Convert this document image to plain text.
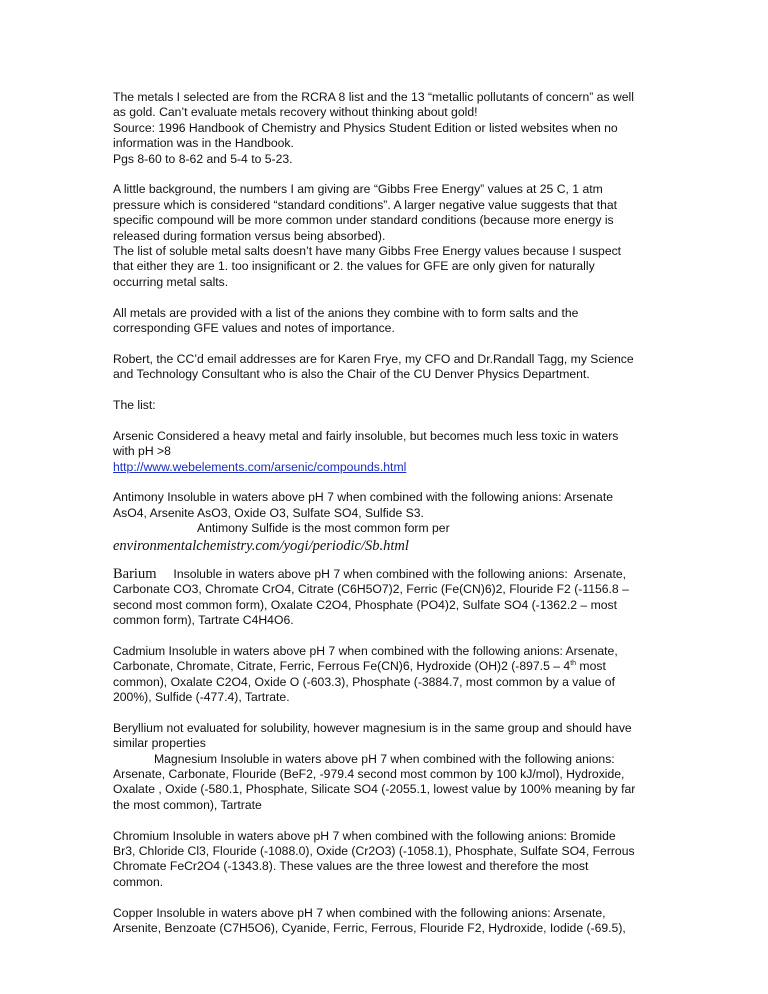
The metals I selected are from the RCRA 8 list and the 13 “metallic pollutants of concern” as well
as gold. Can’t evaluate metals recovery without thinking about gold!
Source: 1996 Handbook of Chemistry and Physics Student Edition or listed websites when no
information was in the Handbook.
Pgs 8-60 to 8-62 and 5-4 to 5-23.
A little background, the numbers I am giving are “Gibbs Free Energy” values at 25 C, 1 atm
pressure which is considered “standard conditions”. A larger negative value suggests that that
specific compound will be more common under standard conditions (because more energy is
released during formation versus being absorbed).
The list of soluble metal salts doesn’t have many Gibbs Free Energy values because I suspect
that either they are 1. too insignificant or 2. the values for GFE are only given for naturally
occurring metal salts.
All metals are provided with a list of the anions they combine with to form salts and the
corresponding GFE values and notes of importance.
Robert, the CC’d email addresses are for Karen Frye, my CFO and Dr.Randall Tagg, my Science
and Technology Consultant who is also the Chair of the CU Denver Physics Department.
The list:
Arsenic Considered a heavy metal and fairly insoluble, but becomes much less toxic in waters
with pH >8
http://www.webelements.com/arsenic/compounds.html
Antimony Insoluble in waters above pH 7 when combined with the following anions: Arsenate
AsO4, Arsenite AsO3, Oxide O3, Sulfate SO4, Sulfide S3.
Antimony Sulfide is the most common form per
environmentalchemistry.com/yogi/periodic/Sb.html
Barium     Insoluble in waters above pH 7 when combined with the following anions:  Arsenate,
Carbonate CO3, Chromate CrO4, Citrate (C6H5O7)2, Ferric (Fe(CN)6)2, Flouride F2 (-1156.8 –
second most common form), Oxalate C2O4, Phosphate (PO4)2, Sulfate SO4 (-1362.2 – most
common form), Tartrate C4H4O6.
Cadmium Insoluble in waters above pH 7 when combined with the following anions: Arsenate,
Carbonate, Chromate, Citrate, Ferric, Ferrous Fe(CN)6, Hydroxide (OH)2 (-897.5 – 4th most
common), Oxalate C2O4, Oxide O (-603.3), Phosphate (-3884.7, most common by a value of
200%), Sulfide (-477.4), Tartrate.
Beryllium not evaluated for solubility, however magnesium is in the same group and should have
similar properties
Magnesium Insoluble in waters above pH 7 when combined with the following anions:
Arsenate, Carbonate, Flouride (BeF2, -979.4 second most common by 100 kJ/mol), Hydroxide,
Oxalate , Oxide (-580.1, Phosphate, Silicate SO4 (-2055.1, lowest value by 100% meaning by far
the most common), Tartrate
Chromium Insoluble in waters above pH 7 when combined with the following anions: Bromide
Br3, Chloride Cl3, Flouride (-1088.0), Oxide (Cr2O3) (-1058.1), Phosphate, Sulfate SO4, Ferrous
Chromate FeCr2O4 (-1343.8). These values are the three lowest and therefore the most
common.
Copper Insoluble in waters above pH 7 when combined with the following anions: Arsenate,
Arsenite, Benzoate (C7H5O6), Cyanide, Ferric, Ferrous, Flouride F2, Hydroxide, Iodide (-69.5),
